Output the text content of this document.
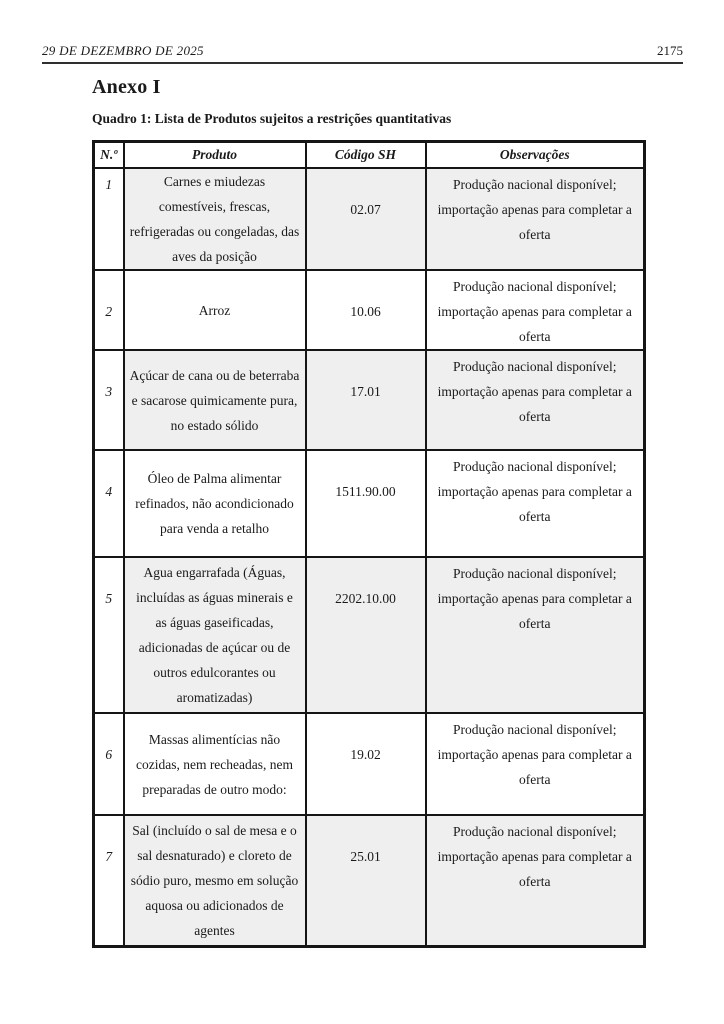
29 DE DEZEMBRO DE 2025	2175
Anexo I
Quadro 1: Lista de Produtos sujeitos a restrições quantitativas
N.º	Produto	Código SH	Observações
1	Carnes e miudezas comestíveis, frescas, refrigeradas ou congeladas, das aves da posição	02.07	Produção nacional disponível; importação apenas para completar a oferta
2	Arroz	10.06	Produção nacional disponível; importação apenas para completar a oferta
3	Açúcar de cana ou de beterraba e sacarose quimicamente pura, no estado sólido	17.01	Produção nacional disponível; importação apenas para completar a oferta
4	Óleo de Palma alimentar refinados, não acondicionado para venda a retalho	1511.90.00	Produção nacional disponível; importação apenas para completar a oferta
5	Agua engarrafada (Águas, incluídas as águas minerais e as águas gaseificadas, adicionadas de açúcar ou de outros edulcorantes ou aromatizadas)	2202.10.00	Produção nacional disponível; importação apenas para completar a oferta
6	Massas alimentícias não cozidas, nem recheadas, nem preparadas de outro modo:	19.02	Produção nacional disponível; importação apenas para completar a oferta
7	Sal (incluído o sal de mesa e o sal desnaturado) e cloreto de sódio puro, mesmo em solução aquosa ou adicionados de agentes	25.01	Produção nacional disponível; importação apenas para completar a oferta
